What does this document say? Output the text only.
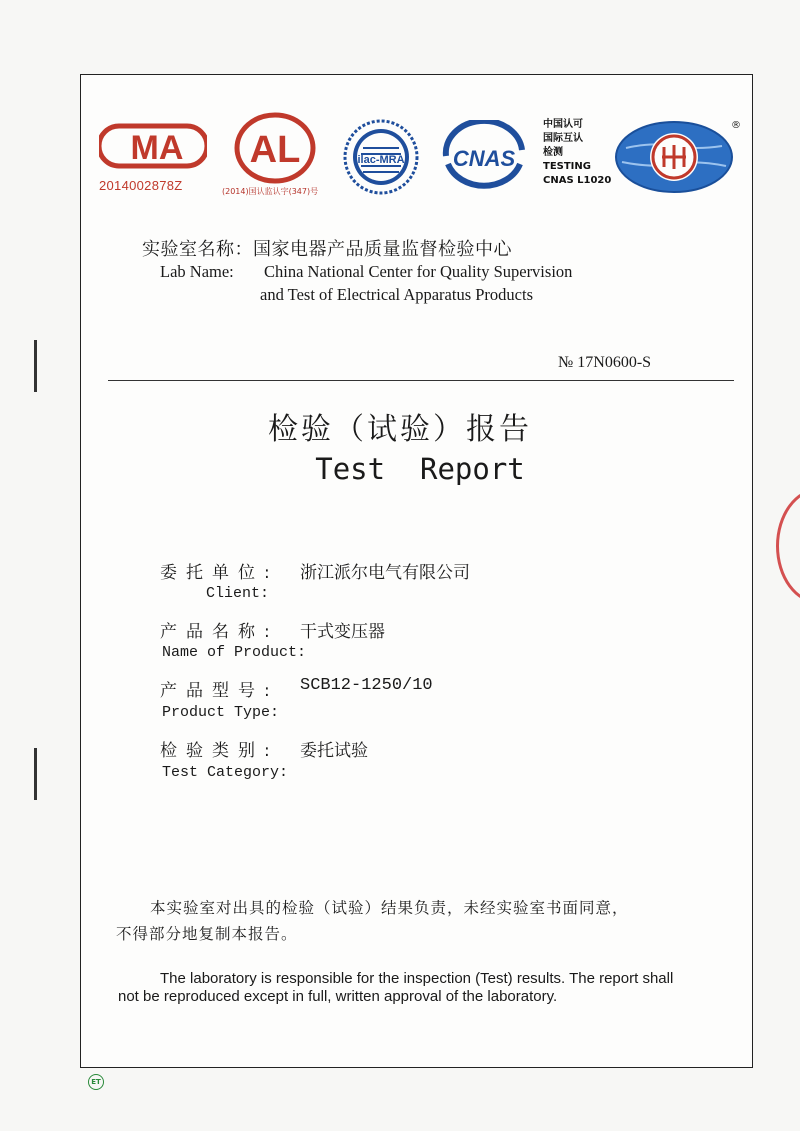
MA AL	ilac-MRA CNAS
2014002878Z	(2014)国认监认字(347)号
中国认可
国际互认
检测
TESTING
CNAS L1020
®
实验室名称：国家电器产品质量监督检验中心
Lab Name: China National Center for Quality Supervision
and Test of Electrical Apparatus Products
№ 17N0600-S
检验（试验）报告
Test  Report
委托单位: 浙江派尔电气有限公司
Client:
产品名称: 干式变压器
Name of Product:
产品型号: SCB12-1250/10
Product Type:
检验类别: 委托试验
Test Category:
本实验室对出具的检验（试验）结果负责，未经实验室书面同意，
不得部分地复制本报告。
The laboratory is responsible for the inspection (Test) results. The report shall
not be reproduced except in full, written approval of the laboratory.
ET
